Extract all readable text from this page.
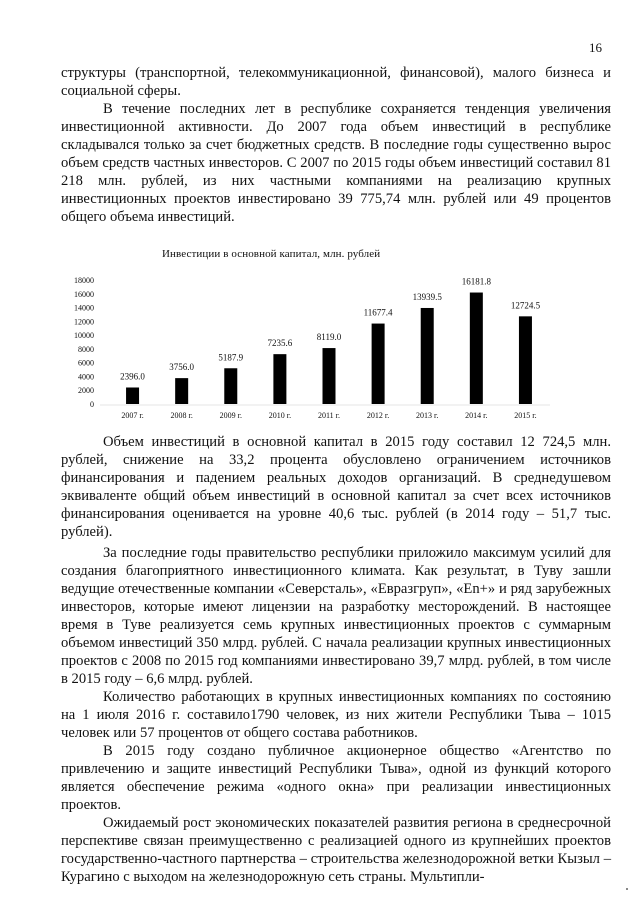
16

структуры (транспортной, телекоммуникационной, финансовой), малого бизнеса и социальной сферы.

В течение последних лет в республике сохраняется тенденция увеличения инвестиционной активности. До 2007 года объем инвестиций в республике складывался только за счет бюджетных средств. В последние годы существенно вырос объем средств частных инвесторов. С 2007 по 2015 годы объем инвестиций составил 81 218 млн. рублей, из них частными компаниями на реализацию крупных инвестиционных проектов инвестировано 39 775,74 млн. рублей или 49 процентов общего объема инвестиций.

Инвестиции в основной капитал, млн. рублей
0
2000
4000
6000
8000
10000
12000
14000
16000
18000
2396.0
2007 г.
3756.0
2008 г.
5187.9
2009 г.
7235.6
2010 г.
8119.0
2011 г.
11677.4
2012 г.
13939.5
2013 г.
16181.8
2014 г.
12724.5
2015 г.

Объем инвестиций в основной капитал в 2015 году составил 12 724,5 млн. рублей, снижение на 33,2 процента обусловлено ограничением источников финансирования и падением реальных доходов организаций. В среднедушевом эквиваленте общий объем инвестиций в основной капитал за счет всех источников финансирования оценивается на уровне 40,6 тыс. рублей (в 2014 году – 51,7 тыс. рублей).

За последние годы правительство республики приложило максимум усилий для создания благоприятного инвестиционного климата. Как результат, в Туву зашли ведущие отечественные компании «Северсталь», «Евразгруп», «Еn+» и ряд зарубежных инвесторов, которые имеют лицензии на разработку месторождений. В настоящее время в Туве реализуется семь крупных инвестиционных проектов с суммарным объемом инвестиций 350 млрд. рублей. С начала реализации крупных инвестиционных проектов с 2008 по 2015 год компаниями инвестировано 39,7 млрд. рублей, в том числе в 2015 году – 6,6 млрд. рублей.

Количество работающих в крупных инвестиционных компаниях по состоянию на 1 июля 2016 г. составило1790 человек, из них жители Республики Тыва – 1015 человек или 57 процентов от общего состава работников.

В 2015 году создано публичное акционерное общество «Агентство по привлечению и защите инвестиций Республики Тыва», одной из функций которого является обеспечение режима «одного окна» при реализации инвестиционных проектов.

Ожидаемый рост экономических показателей развития региона в среднесрочной перспективе связан преимущественно с реализацией одного из крупнейших проектов государственно-частного партнерства – строительства железнодорожной ветки Кызыл – Курагино с выходом на железнодорожную сеть страны. Мультипли-
